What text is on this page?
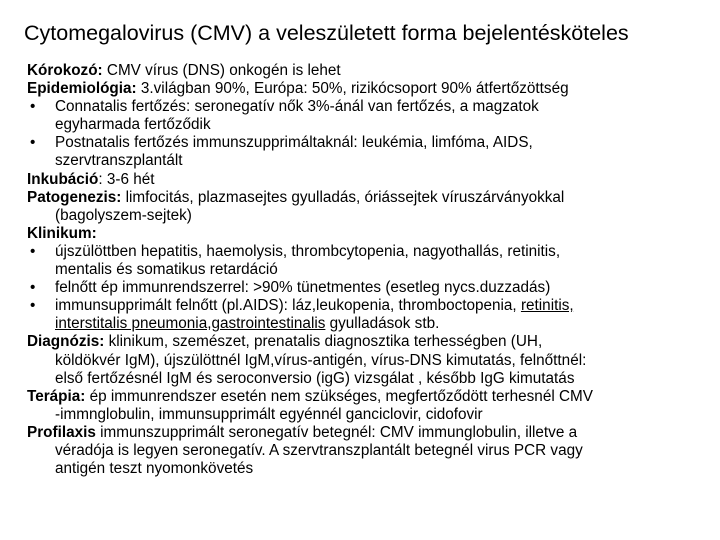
Cytomegalovirus (CMV) a veleszületett forma bejelentésköteles
Kórokozó: CMV vírus (DNS) onkogén is lehet
Epidemiológia: 3.világban 90%, Európa: 50%, rizikócsoport 90% átfertőzöttség
• Connatalis fertőzés: seronegatív nők 3%-ánál van fertőzés, a magzatok
egyharmada fertőződik
• Postnatalis fertőzés immunszupprimáltaknál: leukémia, limfóma, AIDS,
szervtranszplantált
Inkubáció: 3-6 hét
Patogenezis: limfocitás, plazmasejtes gyulladás, óriássejtek víruszárványokkal
(bagolyszem-sejtek)
Klinikum:
• újszülöttben hepatitis, haemolysis, thrombcytopenia, nagyothallás, retinitis,
mentalis és somatikus retardáció
• felnőtt ép immunrendszerrel: >90% tünetmentes (esetleg nycs.duzzadás)
• immunsupprimált felnőtt (pl.AIDS): láz,leukopenia, thromboctopenia, retinitis,
interstitalis pneumonia,gastrointestinalis gyulladások stb.
Diagnózis: klinikum, szemészet, prenatalis diagnosztika terhességben (UH,
köldökvér IgM), újszülöttnél IgM,vírus-antigén, vírus-DNS kimutatás, felnőttnél:
első fertőzésnél IgM és seroconversio (igG) vizsgálat , később IgG kimutatás
Terápia: ép immunrendszer esetén nem szükséges, megfertőződött terhesnél CMV
-immnglobulin, immunsupprimált egyénnél ganciclovir, cidofovir
Profilaxis immunszupprimált seronegatív betegnél: CMV immunglobulin, illetve a
véradója is legyen seronegatív. A szervtranszplantált betegnél virus PCR vagy
antigén teszt nyomonkövetés
